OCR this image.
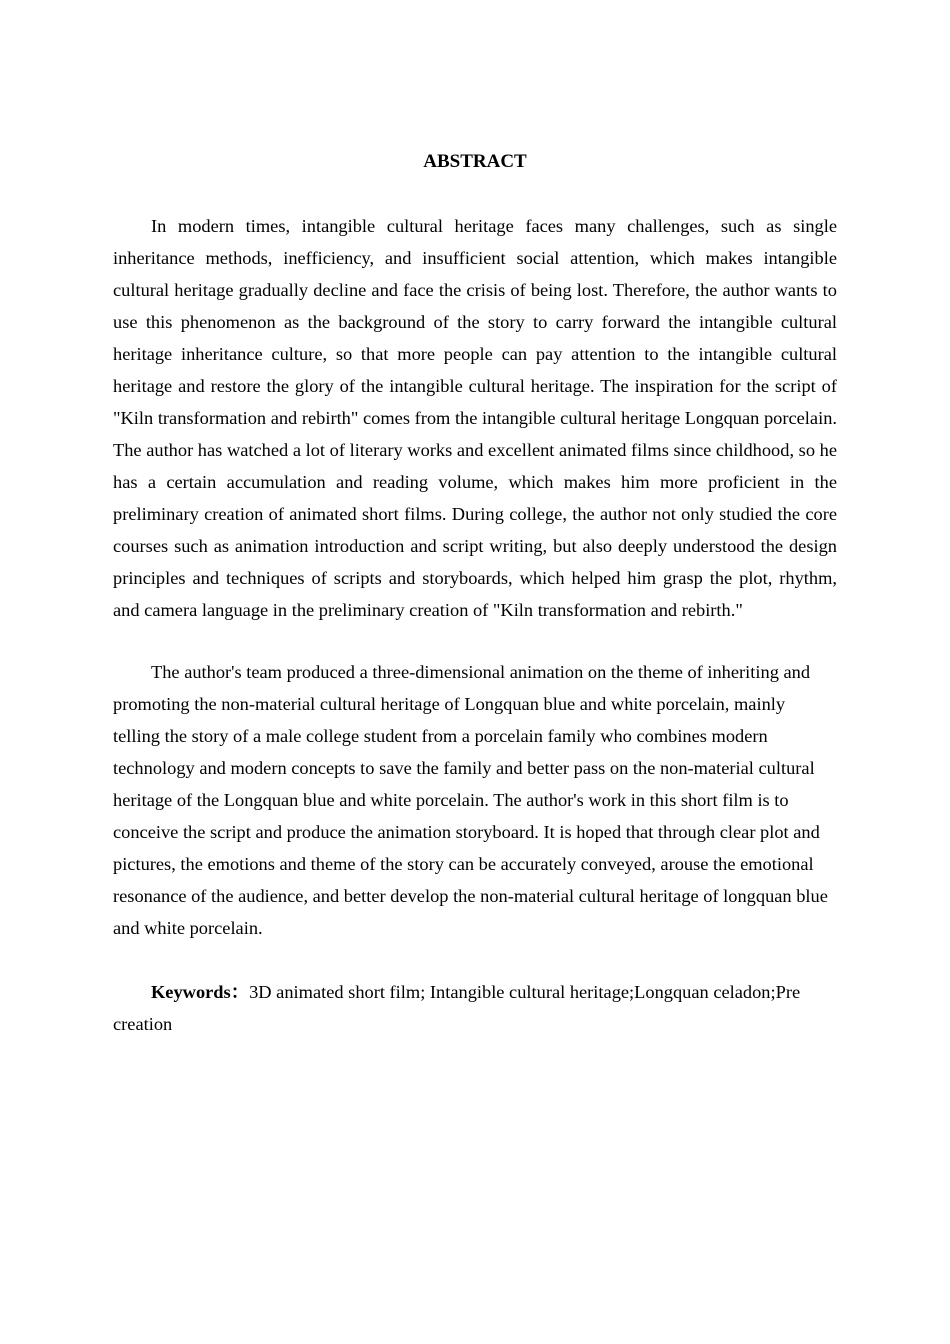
ABSTRACT

In modern times, intangible cultural heritage faces many challenges, such as single inheritance methods, inefficiency, and insufficient social attention, which makes intangible cultural heritage gradually decline and face the crisis of being lost. Therefore, the author wants to use this phenomenon as the background of the story to carry forward the intangible cultural heritage inheritance culture, so that more people can pay attention to the intangible cultural heritage and restore the glory of the intangible cultural heritage. The inspiration for the script of "Kiln transformation and rebirth" comes from the intangible cultural heritage Longquan porcelain. The author has watched a lot of literary works and excellent animated films since childhood, so he has a certain accumulation and reading volume, which makes him more proficient in the preliminary creation of animated short films. During college, the author not only studied the core courses such as animation introduction and script writing, but also deeply understood the design principles and techniques of scripts and storyboards, which helped him grasp the plot, rhythm, and camera language in the preliminary creation of "Kiln transformation and rebirth."

The author's team produced a three-dimensional animation on the theme of inheriting and promoting the non-material cultural heritage of Longquan blue and white porcelain, mainly telling the story of a male college student from a porcelain family who combines modern technology and modern concepts to save the family and better pass on the non-material cultural heritage of the Longquan blue and white porcelain. The author's work in this short film is to conceive the script and produce the animation storyboard. It is hoped that through clear plot and pictures, the emotions and theme of the story can be accurately conveyed, arouse the emotional resonance of the audience, and better develop the non-material cultural heritage of longquan blue and white porcelain.

Keywords：3D animated short film; Intangible cultural heritage;Longquan celadon;Pre creation
